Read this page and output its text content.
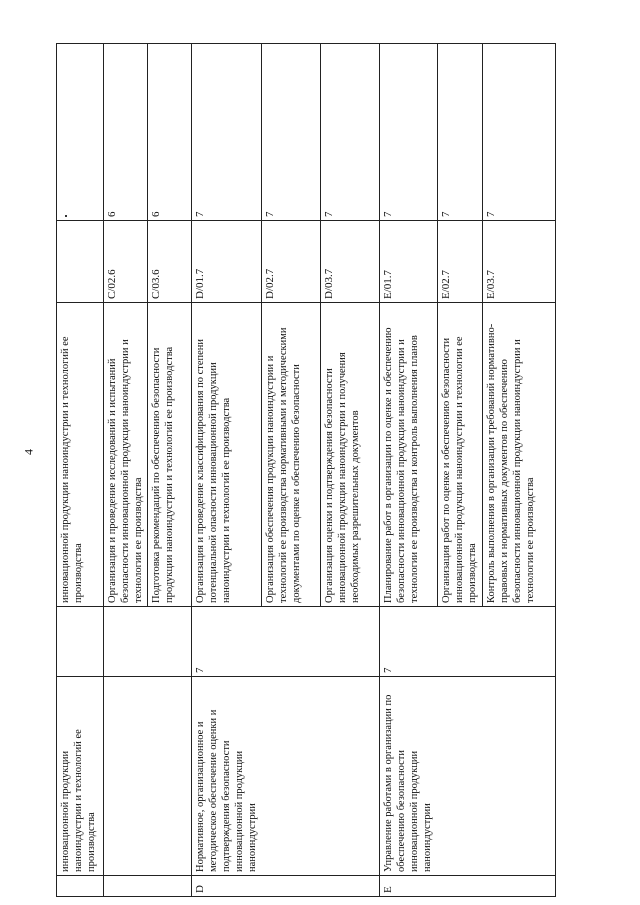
4
	инновационной продукции наноиндустрии и технологий ее производства		инновационной продукции наноиндустрии и технологий ее производства		

			Организация и проведение исследований и испытаний безопасности инновационной продукции наноиндустрии и технологии ее производства	C/02.6	6
			Подготовка рекомендаций по обеспечению безопасности продукции наноиндустрии и технологий ее производства	C/03.6	6
D	Нормативное, организационное и методическое обеспечение оценки и подтверждения безопасности инновационной продукции наноиндустрии	7	Организация и проведение классифицирования по степени потенциальной опасности инновационной продукции наноиндустрии и технологий ее производства	D/01.7	7
			Организация обеспечения продукции наноиндустрии и технологий ее производства нормативными и методическими документами по оценке и обеспечению безопасности	D/02.7	7
			Организация оценки и подтверждения безопасности инновационной продукции наноиндустрии и получения необходимых разрешительных документов	D/03.7	7
E	Управление работами в организации по обеспечению безопасности инновационной продукции наноиндустрии	7	Планирование работ в организации по оценке и обеспечению безопасности инновационной продукции наноиндустрии и технологии ее производства и контроль выполнения планов	E/01.7	7
			Организация работ по оценке и обеспечению безопасности инновационной продукции наноиндустрии и технологии ее производства	E/02.7	7
			Контроль выполнения в организации требований нормативно-правовых и нормативных документов по обеспечению безопасности инновационной продукции наноиндустрии и технологии ее производства	E/03.7	7
